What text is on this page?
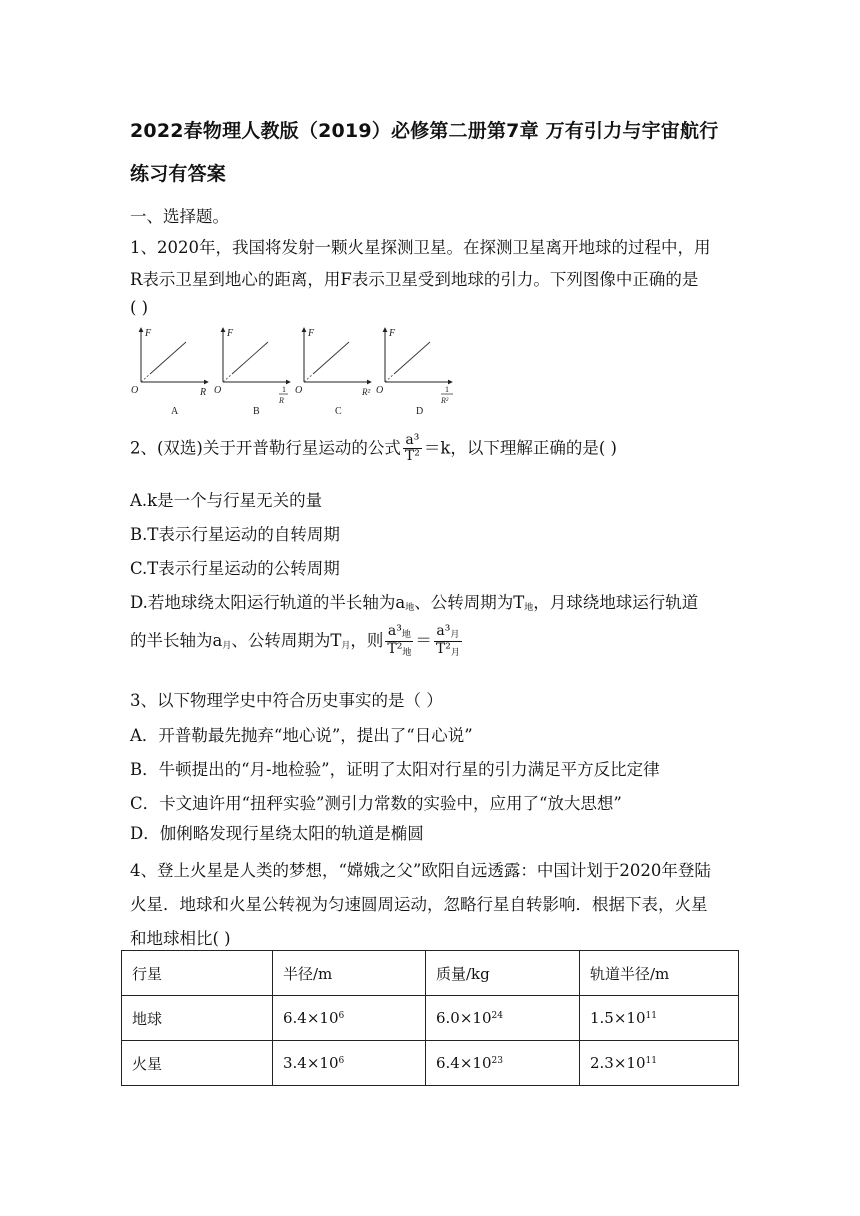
2022春物理人教版（2019）必修第二册第7章 万有引力与宇宙航行
练习有答案
一、选择题。
1、2020年，我国将发射一颗火星探测卫星。在探测卫星离开地球的过程中，用
R表示卫星到地心的距离，用F表示卫星受到地球的引力。下列图像中正确的是
( )
F
O	R
A
F
O	1
R
B
F
O	R²
C
F
O	1
R²
D
2、(双选)关于开普勒行星运动的公式 $\frac{\text{a³}}{\text{T²}} =k$，以下理解正确的是( )
A.k是一个与行星无关的量
B.T表示行星运动的自转周期
C.T表示行星运动的公转周期
D.若地球绕太阳运行轨道的半长轴为$a_地$、公转周期为$T_地$，月球绕地球运行轨道
的半长轴为$a_月$、公转周期为$T_月$，则 $\frac{a^3_地}{T^2_地} = \frac{a^3_月}{T^2_月}$
3、以下物理学史中符合历史事实的是（ ）
A．开普勒最先抛弃“地心说”，提出了“日心说”
B．牛顿提出的“月-地检验”，证明了太阳对行星的引力满足平方反比定律
C．卡文迪许用“扭秤实验”测引力常数的实验中，应用了“放大思想”
D．伽俐略发现行星绕太阳的轨道是椭圆
4、登上火星是人类的梦想，“嫦娥之父”欧阳自远透露：中国计划于2020年登陆
火星．地球和火星公转视为匀速圆周运动，忽略行星自转影响．根据下表，火星
和地球相比( )
行星	半径/m	质量/kg	轨道半径/m
地球	$6.4\times 10^6$	$6.0\times 10^{24}$	$1.5\times 10^{11}$
火星	$3.4\times 10^6$	$6.4\times 10^{23}$	$2.3\times 10^{11}$
